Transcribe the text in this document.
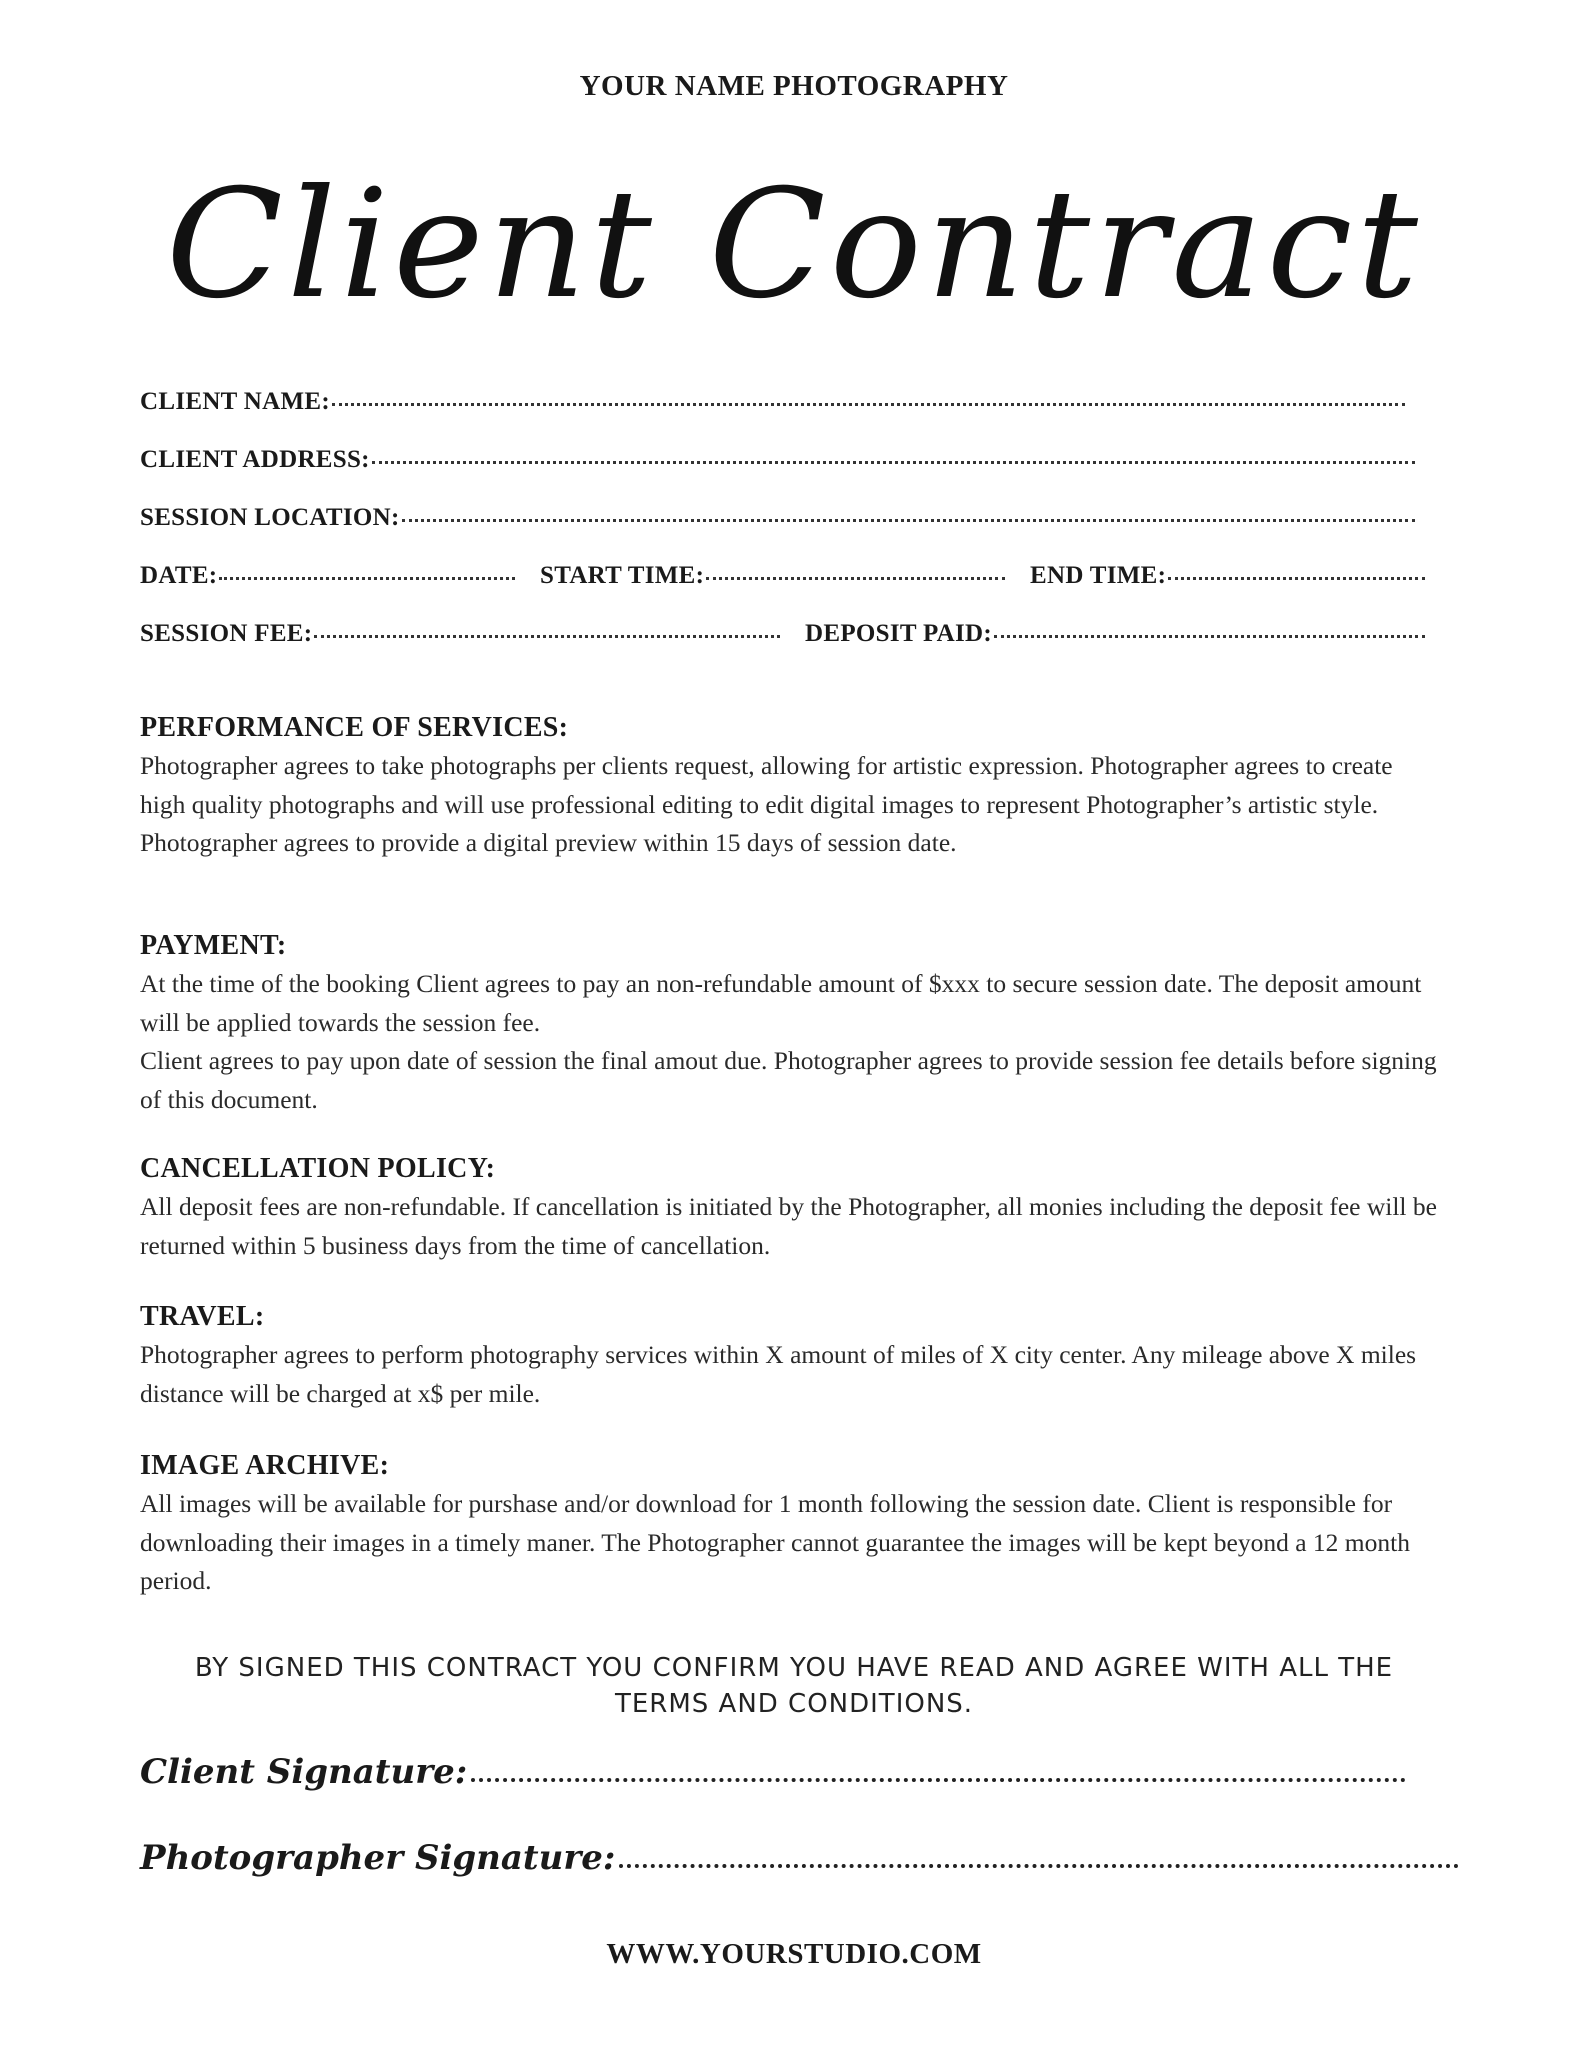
YOUR NAME PHOTOGRAPHY
Client Contract
CLIENT NAME:
CLIENT ADDRESS:
SESSION LOCATION:
DATE:	START TIME:	END TIME:
SESSION FEE:	DEPOSIT PAID:
PERFORMANCE OF SERVICES:

Photographer agrees to take photographs per clients request, allowing for artistic expression. Photographer agrees to create high quality photographs and will use professional editing to edit digital images to represent Photographer’s artistic style. Photographer agrees to provide a digital preview within 15 days of session date.

PAYMENT:

At the time of the booking Client agrees to pay an non-refundable amount of $xxx to secure session date. The deposit amount will be applied towards the session fee.

Client agrees to pay upon date of session the final amout due. Photographer agrees to provide session fee details before signing of this document.

CANCELLATION POLICY:

All deposit fees are non-refundable. If cancellation is initiated by the Photographer, all monies including the deposit fee will be returned within 5 business days from the time of cancellation.

TRAVEL:

Photographer agrees to perform photography services within X amount of miles of X city center. Any mileage above X miles distance will be charged at x$ per mile.

IMAGE ARCHIVE:

All images will be available for purshase and/or download for 1 month following the session date. Client is responsible for downloading their images in a timely maner. The Photographer cannot guarantee the images will be kept beyond a 12 month period.

BY SIGNED THIS CONTRACT YOU CONFIRM YOU HAVE READ AND AGREE WITH ALL THE
TERMS AND CONDITIONS.
Client Signature:
Photographer Signature:
WWW.YOURSTUDIO.COM
